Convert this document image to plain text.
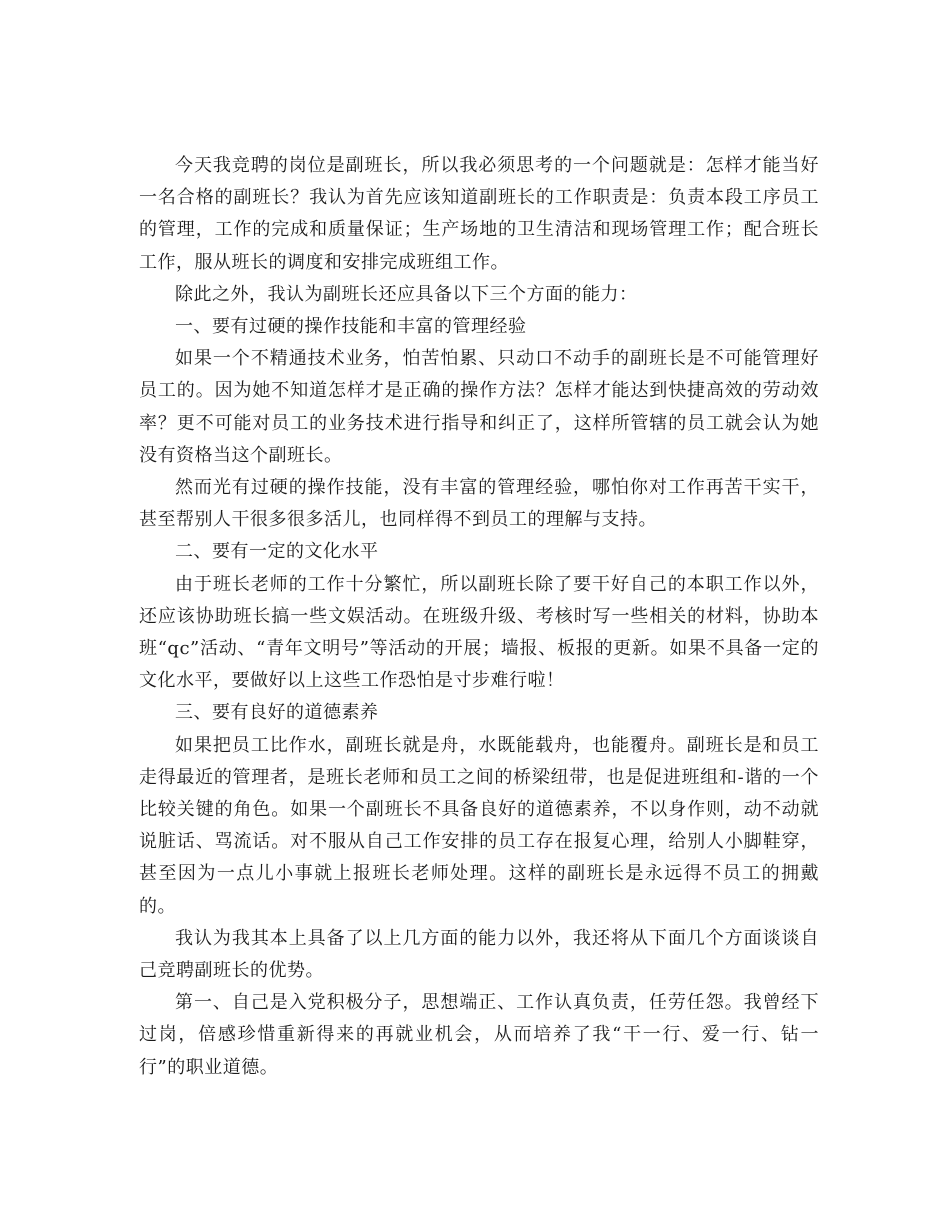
今天我竞聘的岗位是副班长，所以我必须思考的一个问题就是：怎样才能当好一名合格的副班长？我认为首先应该知道副班长的工作职责是：负责本段工序员工的管理，工作的完成和质量保证；生产场地的卫生清洁和现场管理工作；配合班长工作，服从班长的调度和安排完成班组工作。

除此之外，我认为副班长还应具备以下三个方面的能力：

一、要有过硬的操作技能和丰富的管理经验

如果一个不精通技术业务，怕苦怕累、只动口不动手的副班长是不可能管理好员工的。因为她不知道怎样才是正确的操作方法？怎样才能达到快捷高效的劳动效率？更不可能对员工的业务技术进行指导和纠正了，这样所管辖的员工就会认为她没有资格当这个副班长。

然而光有过硬的操作技能，没有丰富的管理经验，哪怕你对工作再苦干实干，甚至帮别人干很多很多活儿，也同样得不到员工的理解与支持。

二、要有一定的文化水平

由于班长老师的工作十分繁忙，所以副班长除了要干好自己的本职工作以外，还应该协助班长搞一些文娱活动。在班级升级、考核时写一些相关的材料，协助本班“qc”活动、“青年文明号”等活动的开展；墙报、板报的更新。如果不具备一定的文化水平，要做好以上这些工作恐怕是寸步难行啦！

三、要有良好的道德素养

如果把员工比作水，副班长就是舟，水既能载舟，也能覆舟。副班长是和员工走得最近的管理者，是班长老师和员工之间的桥梁纽带，也是促进班组和-谐的一个比较关键的角色。如果一个副班长不具备良好的道德素养，不以身作则，动不动就说脏话、骂流话。对不服从自己工作安排的员工存在报复心理，给别人小脚鞋穿，甚至因为一点儿小事就上报班长老师处理。这样的副班长是永远得不员工的拥戴的。

我认为我其本上具备了以上几方面的能力以外，我还将从下面几个方面谈谈自己竞聘副班长的优势。

第一、自己是入党积极分子，思想端正、工作认真负责，任劳任怨。我曾经下过岗，倍感珍惜重新得来的再就业机会，从而培养了我“干一行、爱一行、钻一行”的职业道德。
